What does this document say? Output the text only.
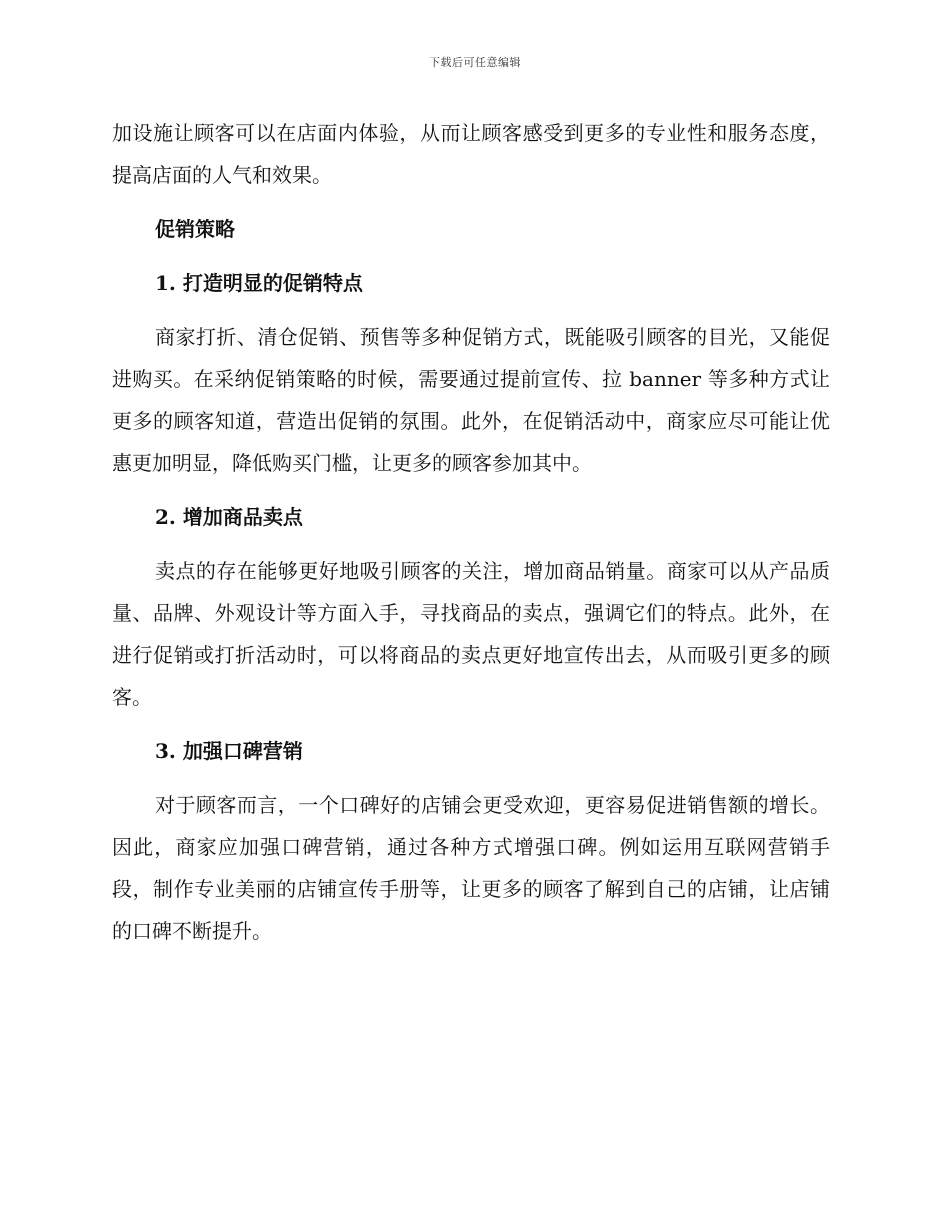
下载后可任意编辑

加设施让顾客可以在店面内体验，从而让顾客感受到更多的专业性和服务态度，提高店面的人气和效果。

促销策略
1. 打造明显的促销特点

商家打折、清仓促销、预售等多种促销方式，既能吸引顾客的目光，又能促进购买。在采纳促销策略的时候，需要通过提前宣传、拉 banner 等多种方式让更多的顾客知道，营造出促销的氛围。此外，在促销活动中，商家应尽可能让优惠更加明显，降低购买门槛，让更多的顾客参加其中。

2. 增加商品卖点

卖点的存在能够更好地吸引顾客的关注，增加商品销量。商家可以从产品质量、品牌、外观设计等方面入手，寻找商品的卖点，强调它们的特点。此外，在进行促销或打折活动时，可以将商品的卖点更好地宣传出去，从而吸引更多的顾客。

3. 加强口碑营销

对于顾客而言，一个口碑好的店铺会更受欢迎，更容易促进销售额的增长。因此，商家应加强口碑营销，通过各种方式增强口碑。例如运用互联网营销手段，制作专业美丽的店铺宣传手册等，让更多的顾客了解到自己的店铺，让店铺的口碑不断提升。
